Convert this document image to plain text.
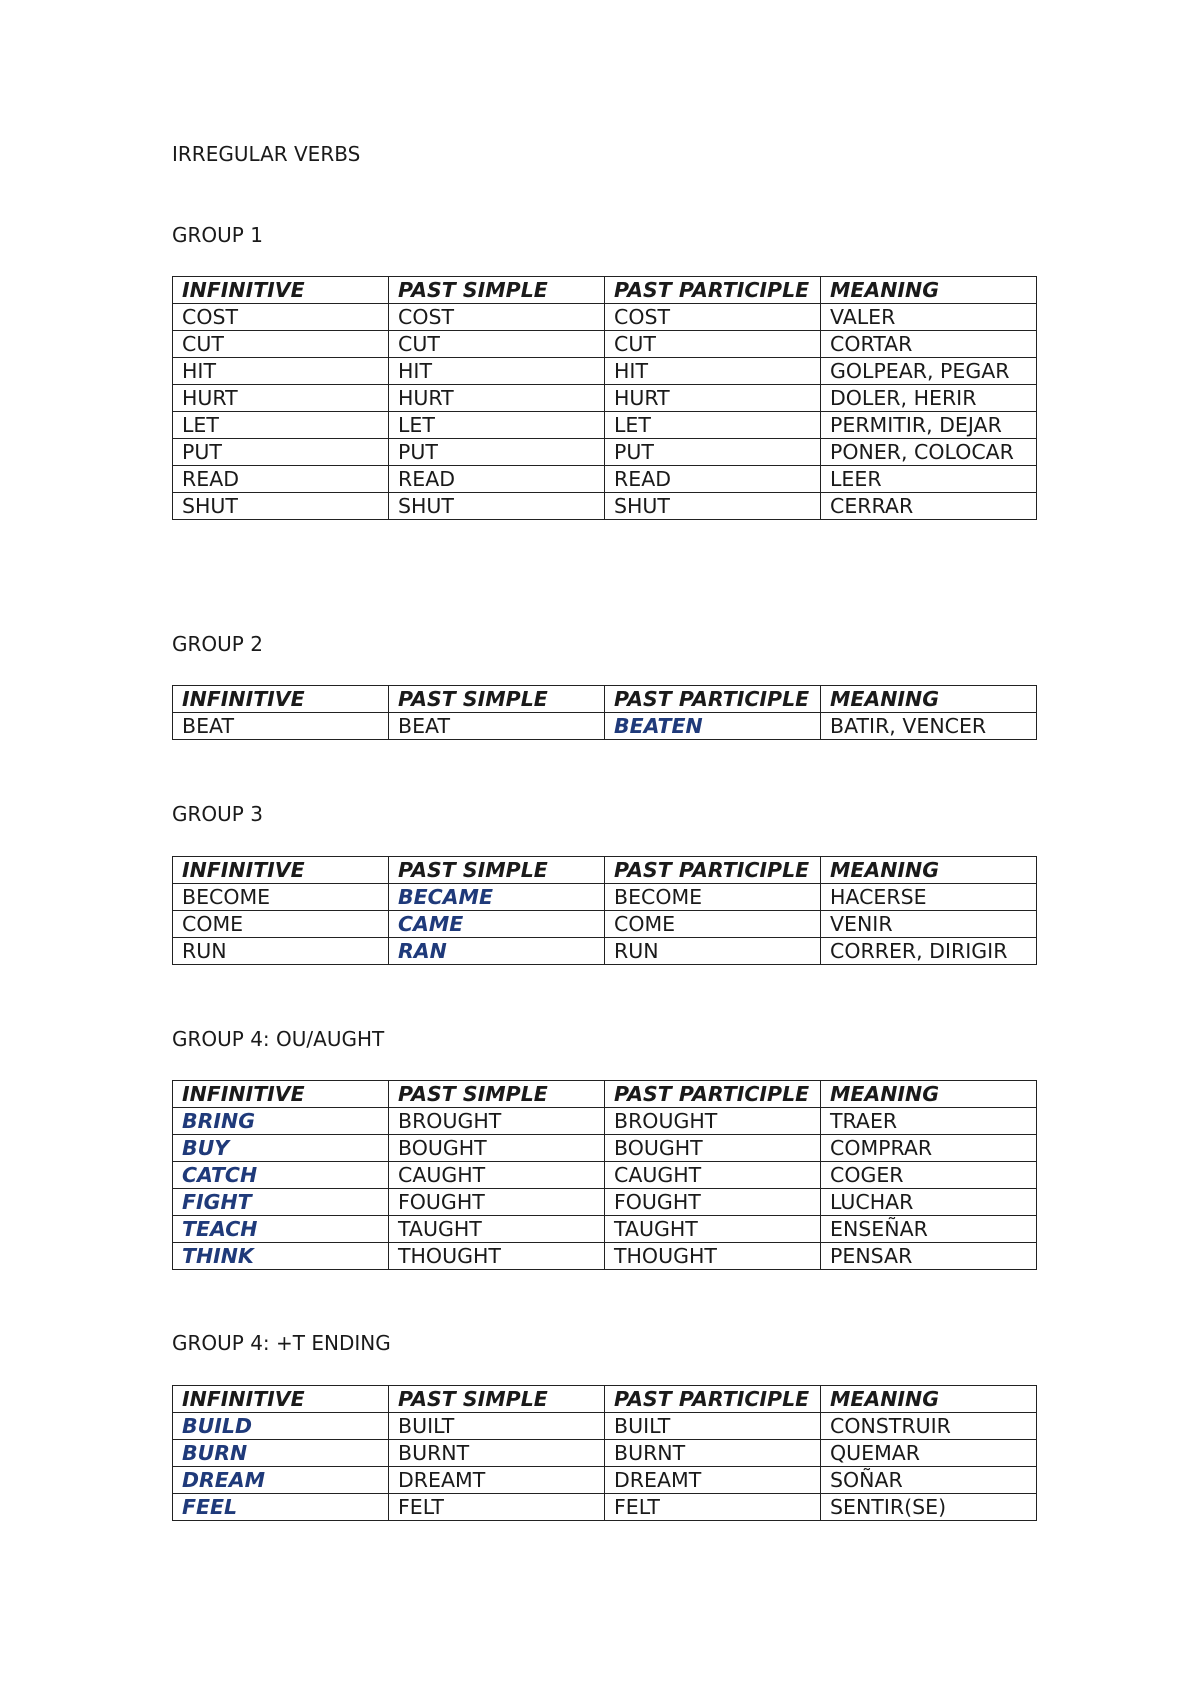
IRREGULAR VERBS
GROUP 1
INFINITIVE	PAST SIMPLE	PAST PARTICIPLE	MEANING
COST	COST	COST	VALER
CUT	CUT	CUT	CORTAR
HIT	HIT	HIT	GOLPEAR, PEGAR
HURT	HURT	HURT	DOLER, HERIR
LET	LET	LET	PERMITIR, DEJAR
PUT	PUT	PUT	PONER, COLOCAR
READ	READ	READ	LEER
SHUT	SHUT	SHUT	CERRAR
GROUP 2
INFINITIVE	PAST SIMPLE	PAST PARTICIPLE	MEANING
BEAT	BEAT	BEATEN	BATIR, VENCER
GROUP 3
INFINITIVE	PAST SIMPLE	PAST PARTICIPLE	MEANING
BECOME	BECAME	BECOME	HACERSE
COME	CAME	COME	VENIR
RUN	RAN	RUN	CORRER, DIRIGIR
GROUP 4: OU/AUGHT
INFINITIVE	PAST SIMPLE	PAST PARTICIPLE	MEANING
BRING	BROUGHT	BROUGHT	TRAER
BUY	BOUGHT	BOUGHT	COMPRAR
CATCH	CAUGHT	CAUGHT	COGER
FIGHT	FOUGHT	FOUGHT	LUCHAR
TEACH	TAUGHT	TAUGHT	ENSEÑAR
THINK	THOUGHT	THOUGHT	PENSAR
GROUP 4: +T ENDING
INFINITIVE	PAST SIMPLE	PAST PARTICIPLE	MEANING
BUILD	BUILT	BUILT	CONSTRUIR
BURN	BURNT	BURNT	QUEMAR
DREAM	DREAMT	DREAMT	SOÑAR
FEEL	FELT	FELT	SENTIR(SE)
